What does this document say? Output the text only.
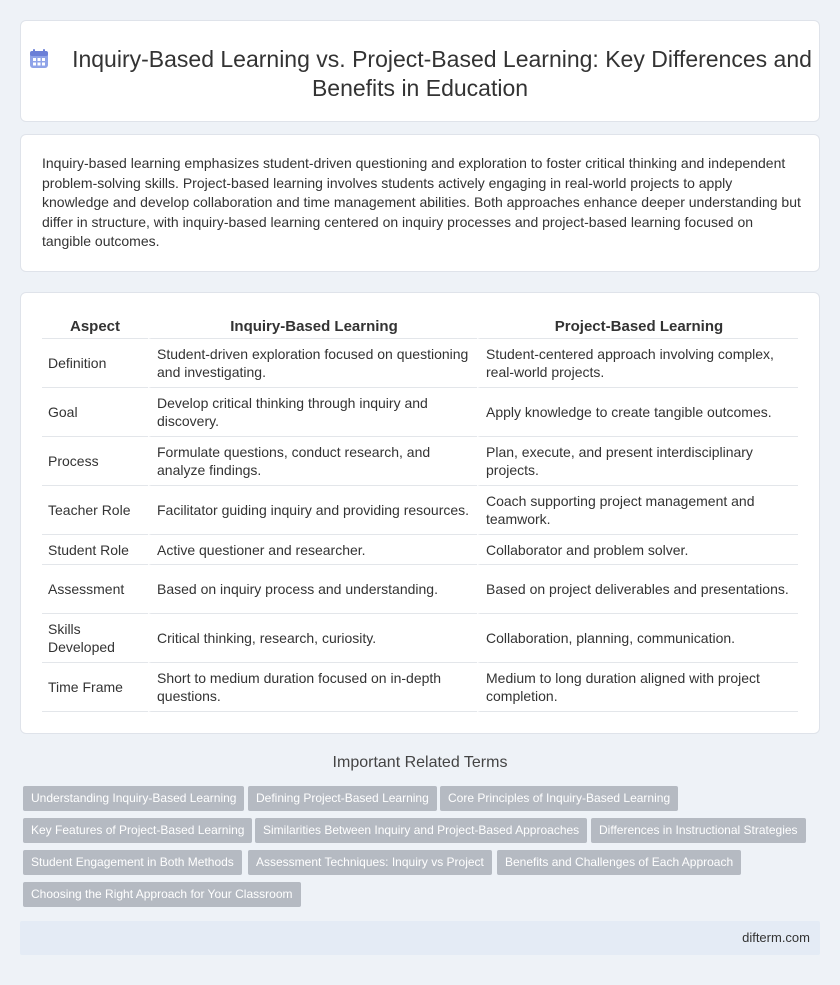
Inquiry-Based Learning vs. Project-Based Learning: Key Differences and Benefits in Education

Inquiry-based learning emphasizes student-driven questioning and exploration to foster critical thinking and independent problem-solving skills. Project-based learning involves students actively engaging in real-world projects to apply knowledge and develop collaboration and time management abilities. Both approaches enhance deeper understanding but differ in structure, with inquiry-based learning centered on inquiry processes and project-based learning focused on tangible outcomes.

Aspect	Inquiry-Based Learning	Project-Based Learning
Definition	Student-driven exploration focused on questioning and investigating.	Student-centered approach involving complex, real-world projects.
Goal	Develop critical thinking through inquiry and discovery.	Apply knowledge to create tangible outcomes.
Process	Formulate questions, conduct research, and analyze findings.	Plan, execute, and present interdisciplinary projects.
Teacher Role	Facilitator guiding inquiry and providing resources.	Coach supporting project management and teamwork.
Student Role	Active questioner and researcher.	Collaborator and problem solver.
Assessment	Based on inquiry process and understanding.	Based on project deliverables and presentations.
Skills Developed	Critical thinking, research, curiosity.	Collaboration, planning, communication.
Time Frame	Short to medium duration focused on in-depth questions.	Medium to long duration aligned with project completion.
Important Related Terms
Understanding Inquiry-Based Learning	Defining Project-Based Learning	Core Principles of Inquiry-Based Learning
Key Features of Project-Based Learning	Similarities Between Inquiry and Project-Based Approaches	Differences in Instructional Strategies
Student Engagement in Both Methods	Assessment Techniques: Inquiry vs Project	Benefits and Challenges of Each Approach
Choosing the Right Approach for Your Classroom
difterm.com
